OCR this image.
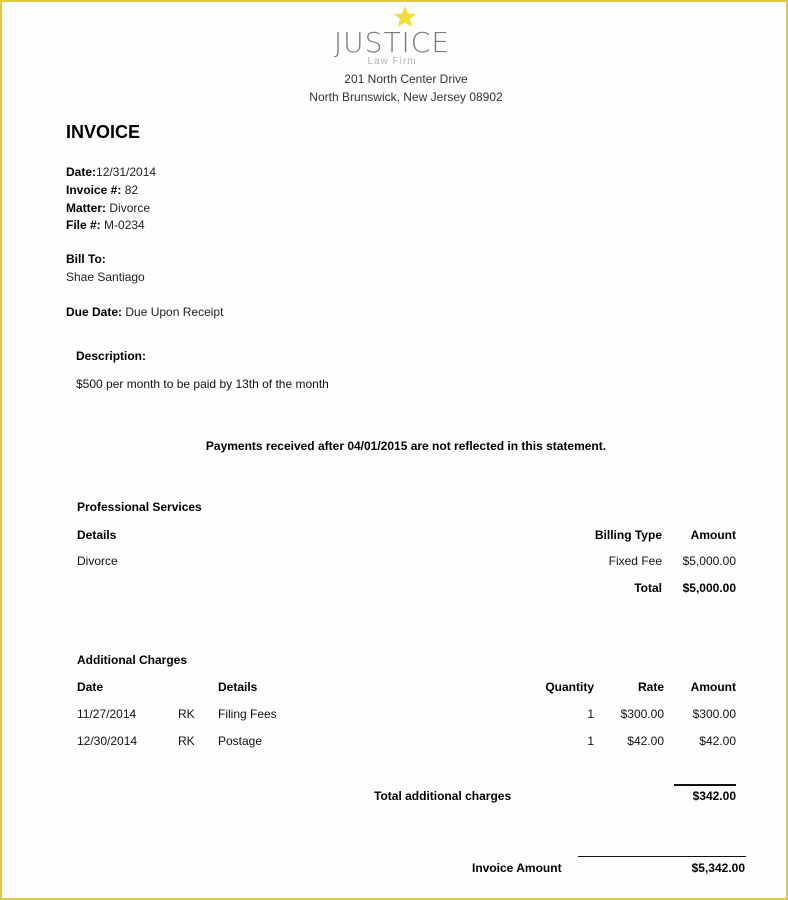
JUSTICE
Law Firm
201 North Center Drive
North Brunswick, New Jersey 08902
INVOICE
Date:12/31/2014
Invoice #: 82
Matter: Divorce
File #: M-0234
Bill To:
Shae Santiago
Due Date: Due Upon Receipt
Description:
$500 per month to be paid by 13th of the month
Payments received after 04/01/2015 are not reflected in this statement.
Professional Services
Details	Billing Type	Amount
Divorce	Fixed Fee	$5,000.00
Total	$5,000.00
Additional Charges
Date	Details	Quantity	Rate	Amount
11/27/2014	RK Filing Fees	1	$300.00	$300.00
12/30/2014	RK Postage	1	$42.00	$42.00
Total additional charges	$342.00
Invoice Amount	$5,342.00
